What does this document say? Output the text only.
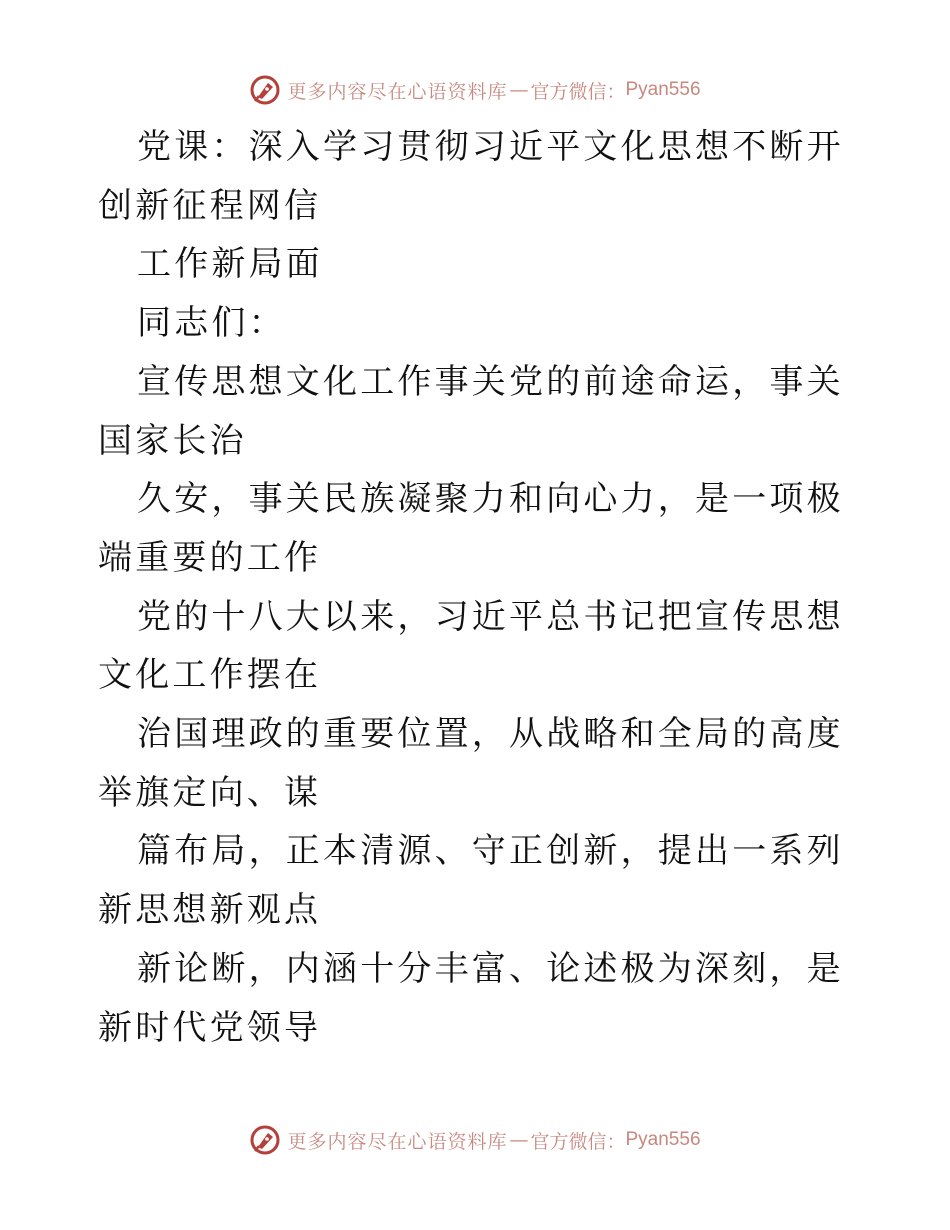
更多内容尽在心语资料库 — 官方微信： Pyan556

党课：深入学习贯彻习近平文化思想不断开创新征程网信

工作新局面

同志们：

宣传思想文化工作事关党的前途命运，事关国家长治

久安，事关民族凝聚力和向心力，是一项极端重要的工作

党的十八大以来，习近平总书记把宣传思想文化工作摆在

治国理政的重要位置，从战略和全局的高度举旗定向、谋

篇布局，正本清源、守正创新，提出一系列新思想新观点

新论断，内涵十分丰富、论述极为深刻，是新时代党领导

更多内容尽在心语资料库 — 官方微信： Pyan556
